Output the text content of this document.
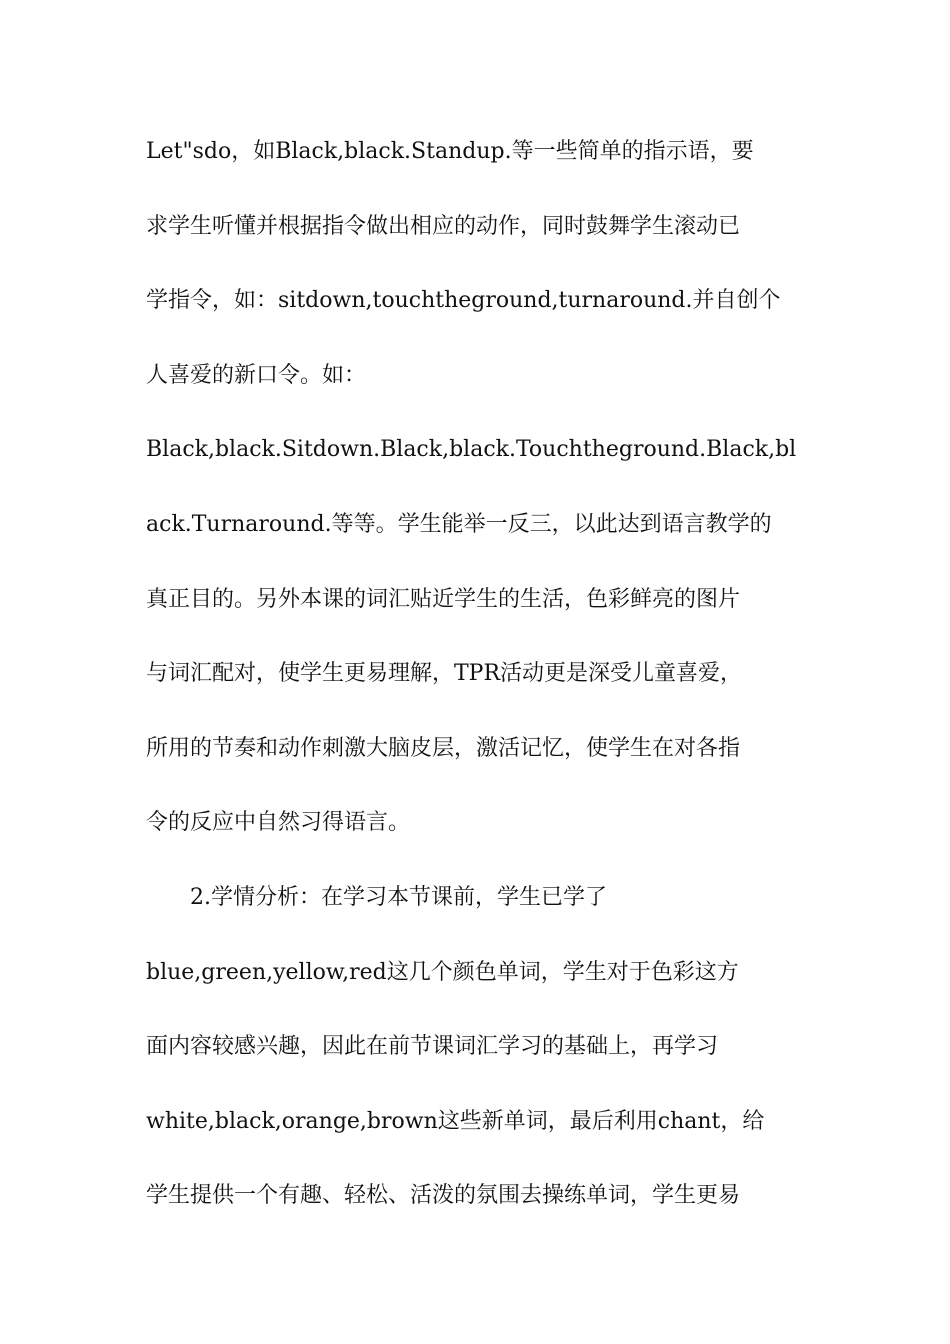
Let"sdo，如Black,black.Standup.等一些简单的指示语，要
求学生听懂并根据指令做出相应的动作，同时鼓舞学生滚动已
学指令，如：sitdown,touchtheground,turnaround.并自创个
人喜爱的新口令。如：
Black,black.Sitdown.Black,black.Touchtheground.Black,bl
ack.Turnaround.等等。学生能举一反三，以此达到语言教学的
真正目的。另外本课的词汇贴近学生的生活，色彩鲜亮的图片
与词汇配对，使学生更易理解，TPR活动更是深受儿童喜爱，
所用的节奏和动作刺激大脑皮层，激活记忆，使学生在对各指
令的反应中自然习得语言。
2.学情分析：在学习本节课前，学生已学了
blue,green,yellow,red这几个颜色单词，学生对于色彩这方
面内容较感兴趣，因此在前节课词汇学习的基础上，再学习
white,black,orange,brown这些新单词，最后利用chant，给
学生提供一个有趣、轻松、活泼的氛围去操练单词，学生更易
